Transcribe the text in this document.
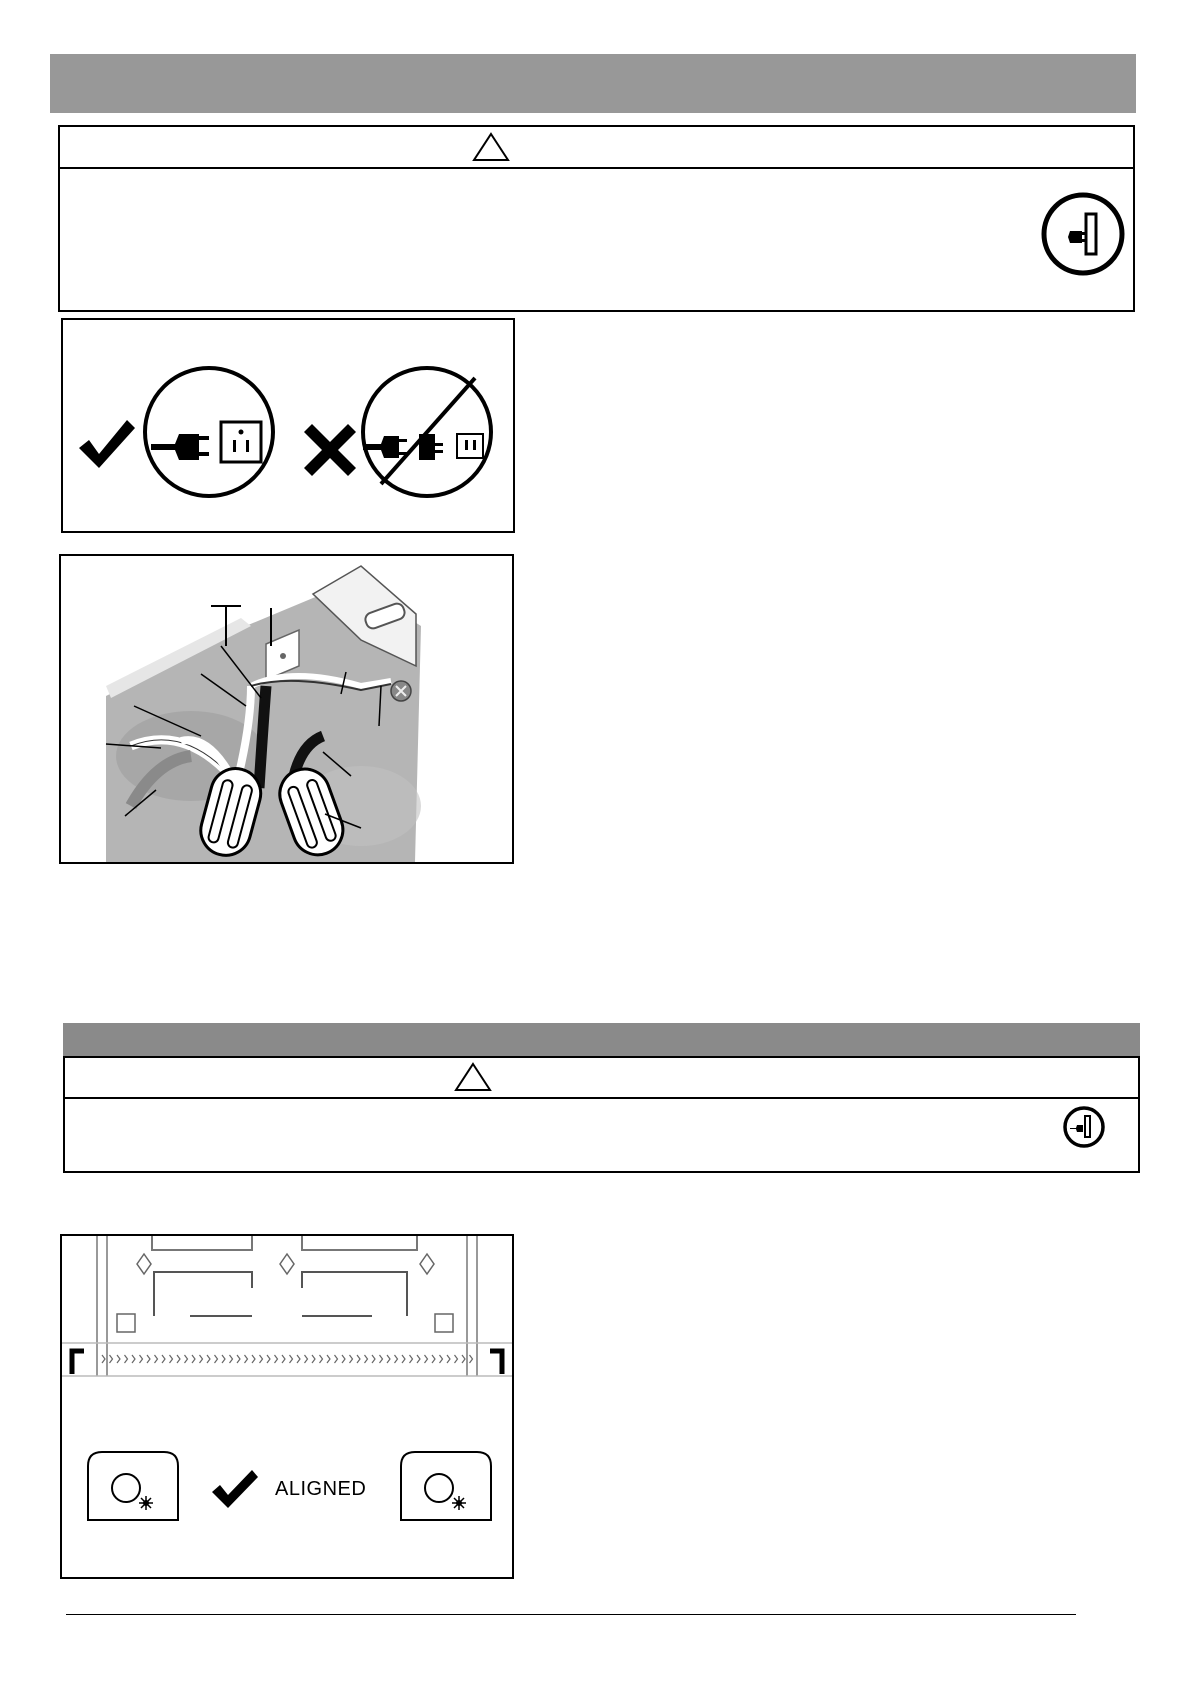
ALIGNED
